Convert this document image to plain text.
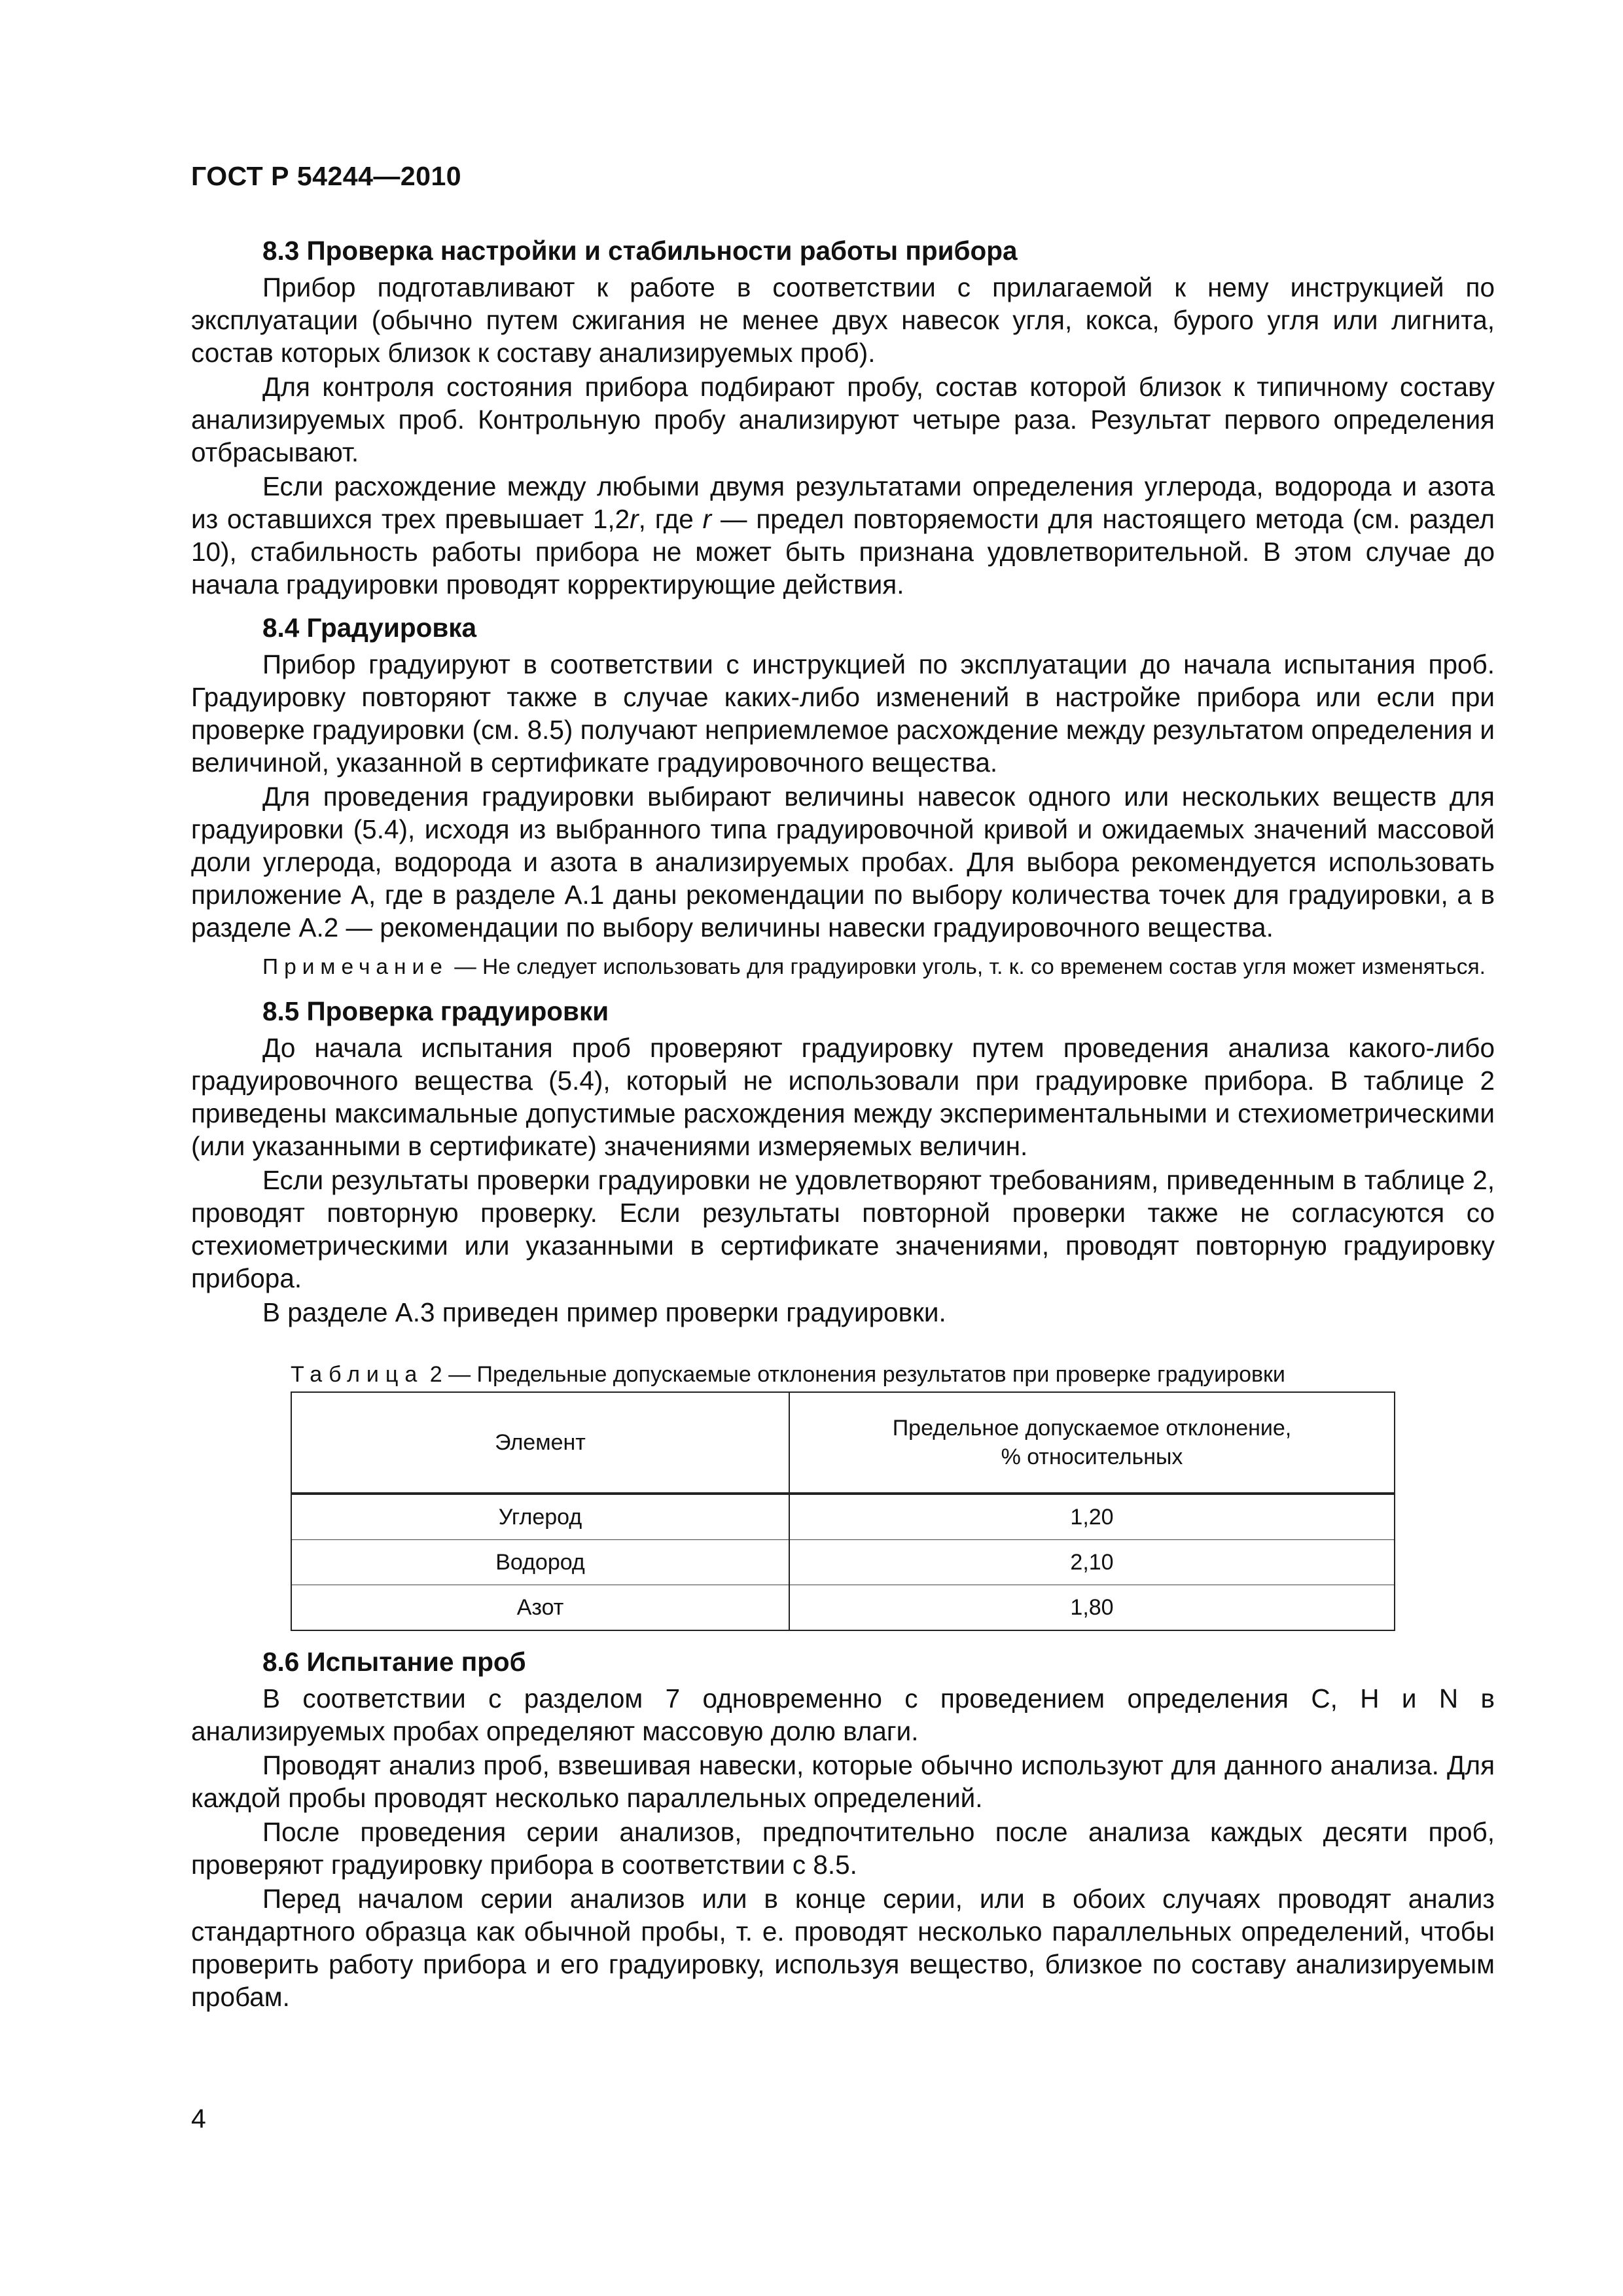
ГОСТ Р 54244—2010
8.3 Проверка настройки и стабильности работы прибора

Прибор подготавливают к работе в соответствии с прилагаемой к нему инструкцией по эксплуатации (обычно путем сжигания не менее двух навесок угля, кокса, бурого угля или лигнита, состав которых близок к составу анализируемых проб).

Для контроля состояния прибора подбирают пробу, состав которой близок к типичному составу анализируемых проб. Контрольную пробу анализируют четыре раза. Результат первого определения отбрасывают.

Если расхождение между любыми двумя результатами определения углерода, водорода и азота из оставшихся трех превышает 1,2r, где r — предел повторяемости для настоящего метода (см. раздел 10), стабильность работы прибора не может быть признана удовлетворительной. В этом случае до начала градуировки проводят корректирующие действия.

8.4 Градуировка

Прибор градуируют в соответствии с инструкцией по эксплуатации до начала испытания проб. Градуировку повторяют также в случае каких-либо изменений в настройке прибора или если при проверке градуировки (см. 8.5) получают неприемлемое расхождение между результатом определения и величиной, указанной в сертификате градуировочного вещества.

Для проведения градуировки выбирают величины навесок одного или нескольких веществ для градуировки (5.4), исходя из выбранного типа градуировочной кривой и ожидаемых значений массовой доли углерода, водорода и азота в анализируемых пробах. Для выбора рекомендуется использовать приложение А, где в разделе А.1 даны рекомендации по выбору количества точек для градуировки, а в разделе А.2 — рекомендации по выбору величины навески градуировочного вещества.

Примечание — Не следует использовать для градуировки уголь, т. к. со временем состав угля может изменяться.

8.5 Проверка градуировки

До начала испытания проб проверяют градуировку путем проведения анализа какого-либо градуировочного вещества (5.4), который не использовали при градуировке прибора. В таблице 2 приведены максимальные допустимые расхождения между экспериментальными и стехиометрическими (или указанными в сертификате) значениями измеряемых величин.

Если результаты проверки градуировки не удовлетворяют требованиям, приведенным в таблице 2, проводят повторную проверку. Если результаты повторной проверки также не согласуются со стехиометрическими или указанными в сертификате значениями, проводят повторную градуировку прибора.

В разделе А.3 приведен пример проверки градуировки.

Таблица 2 — Предельные допускаемые отклонения результатов при проверке градуировки
Элемент	Предельное допускаемое отклонение,
% относительных
Углерод	1,20
Водород	2,10
Азот	1,80
8.6 Испытание проб

В соответствии с разделом 7 одновременно с проведением определения C, H и N в анализируемых пробах определяют массовую долю влаги.

Проводят анализ проб, взвешивая навески, которые обычно используют для данного анализа. Для каждой пробы проводят несколько параллельных определений.

После проведения серии анализов, предпочтительно после анализа каждых десяти проб, проверяют градуировку прибора в соответствии с 8.5.

Перед началом серии анализов или в конце серии, или в обоих случаях проводят анализ стандартного образца как обычной пробы, т. е. проводят несколько параллельных определений, чтобы проверить работу прибора и его градуировку, используя вещество, близкое по составу анализируемым пробам.

4
